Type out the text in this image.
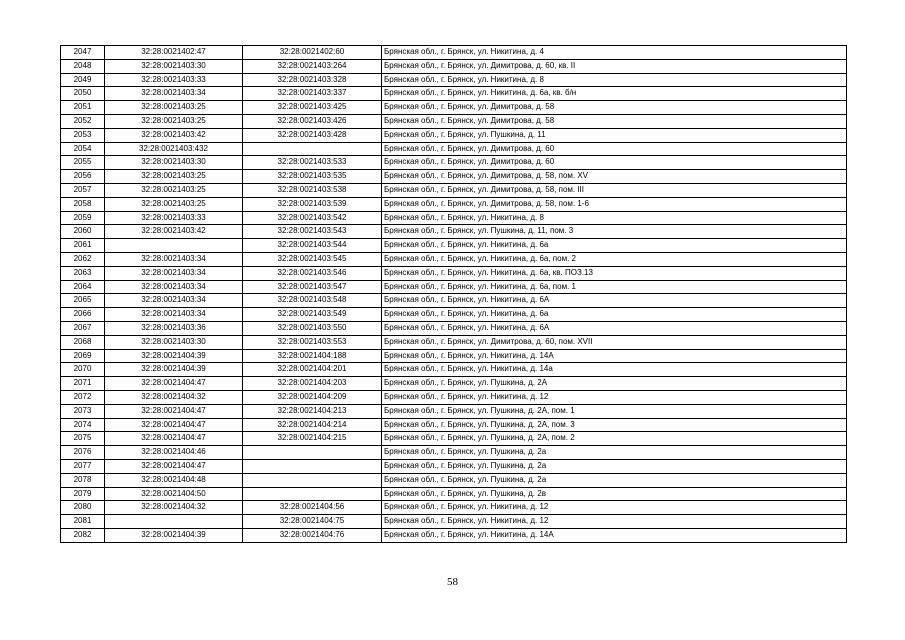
2047	32:28:0021402:47	32:28:0021402:60	Брянская обл., г. Брянск, ул. Никитина, д. 4
2048	32:28:0021403:30	32:28:0021403:264	Брянская обл., г. Брянск, ул. Димитрова, д. 60, кв. II
2049	32:28:0021403:33	32:28:0021403:328	Брянская обл., г. Брянск, ул. Никитина, д. 8
2050	32:28:0021403:34	32:28:0021403:337	Брянская обл., г. Брянск, ул. Никитина, д. 6а, кв. б/н
2051	32:28:0021403:25	32:28:0021403:425	Брянская обл., г. Брянск, ул. Димитрова, д. 58
2052	32:28:0021403:25	32:28:0021403:426	Брянская обл., г. Брянск, ул. Димитрова, д. 58
2053	32:28:0021403:42	32:28:0021403:428	Брянская обл., г. Брянск, ул. Пушкина, д. 11
2054	32:28:0021403:432		Брянская обл., г. Брянск, ул. Димитрова, д. 60
2055	32:28:0021403:30	32:28:0021403:533	Брянская обл., г. Брянск, ул. Димитрова, д. 60
2056	32:28:0021403:25	32:28:0021403:535	Брянская обл., г. Брянск, ул. Димитрова, д. 58, пом. XV
2057	32:28:0021403:25	32:28:0021403:538	Брянская обл., г. Брянск, ул. Димитрова, д. 58, пом. III
2058	32:28:0021403:25	32:28:0021403:539	Брянская обл., г. Брянск, ул. Димитрова, д. 58, пом. 1-6
2059	32:28:0021403:33	32:28:0021403:542	Брянская обл., г. Брянск, ул. Никитина, д. 8
2060	32:28:0021403:42	32:28:0021403:543	Брянская обл., г. Брянск, ул. Пушкина, д. 11, пом. 3
2061		32:28:0021403:544	Брянская обл., г. Брянск, ул. Никитина, д. 6а
2062	32:28:0021403:34	32:28:0021403:545	Брянская обл., г. Брянск, ул. Никитина, д. 6а, пом. 2
2063	32:28:0021403:34	32:28:0021403:546	Брянская обл., г. Брянск, ул. Никитина, д. 6а, кв. ПОЗ.13
2064	32:28:0021403:34	32:28:0021403:547	Брянская обл., г. Брянск, ул. Никитина, д. 6а, пом. 1
2065	32:28:0021403:34	32:28:0021403:548	Брянская обл., г. Брянск, ул. Никитина, д. 6А
2066	32:28:0021403:34	32:28:0021403:549	Брянская обл., г. Брянск, ул. Никитина, д. 6а
2067	32:28:0021403:36	32:28:0021403:550	Брянская обл., г. Брянск, ул. Никитина, д. 6А
2068	32:28:0021403:30	32:28:0021403:553	Брянская обл., г. Брянск, ул. Димитрова, д. 60, пом. XVII
2069	32:28:0021404:39	32:28:0021404:188	Брянская обл., г. Брянск, ул. Никитина, д. 14А
2070	32:28:0021404:39	32:28:0021404:201	Брянская обл., г. Брянск, ул. Никитина, д. 14а
2071	32:28:0021404:47	32:28:0021404:203	Брянская обл., г. Брянск, ул. Пушкина, д. 2А
2072	32:28:0021404:32	32:28:0021404:209	Брянская обл., г. Брянск, ул. Никитина, д. 12
2073	32:28:0021404:47	32:28:0021404:213	Брянская обл., г. Брянск, ул. Пушкина, д. 2А, пом. 1
2074	32:28:0021404:47	32:28:0021404:214	Брянская обл., г. Брянск, ул. Пушкина, д. 2А, пом. 3
2075	32:28:0021404:47	32:28:0021404:215	Брянская обл., г. Брянск, ул. Пушкина, д. 2А, пом. 2
2076	32:28:0021404:46		Брянская обл., г. Брянск, ул. Пушкина, д. 2а
2077	32:28:0021404:47		Брянская обл., г. Брянск, ул. Пушкина, д. 2а
2078	32:28:0021404:48		Брянская обл., г. Брянск, ул. Пушкина, д. 2а
2079	32:28:0021404:50		Брянская обл., г. Брянск, ул. Пушкина, д. 2в
2080	32:28:0021404:32	32:28:0021404:56	Брянская обл., г. Брянск, ул. Никитина, д. 12
2081		32:28:0021404:75	Брянская обл., г. Брянск, ул. Никитина, д. 12
2082	32:28:0021404:39	32:28:0021404:76	Брянская обл., г. Брянск, ул. Никитина, д. 14А
58
